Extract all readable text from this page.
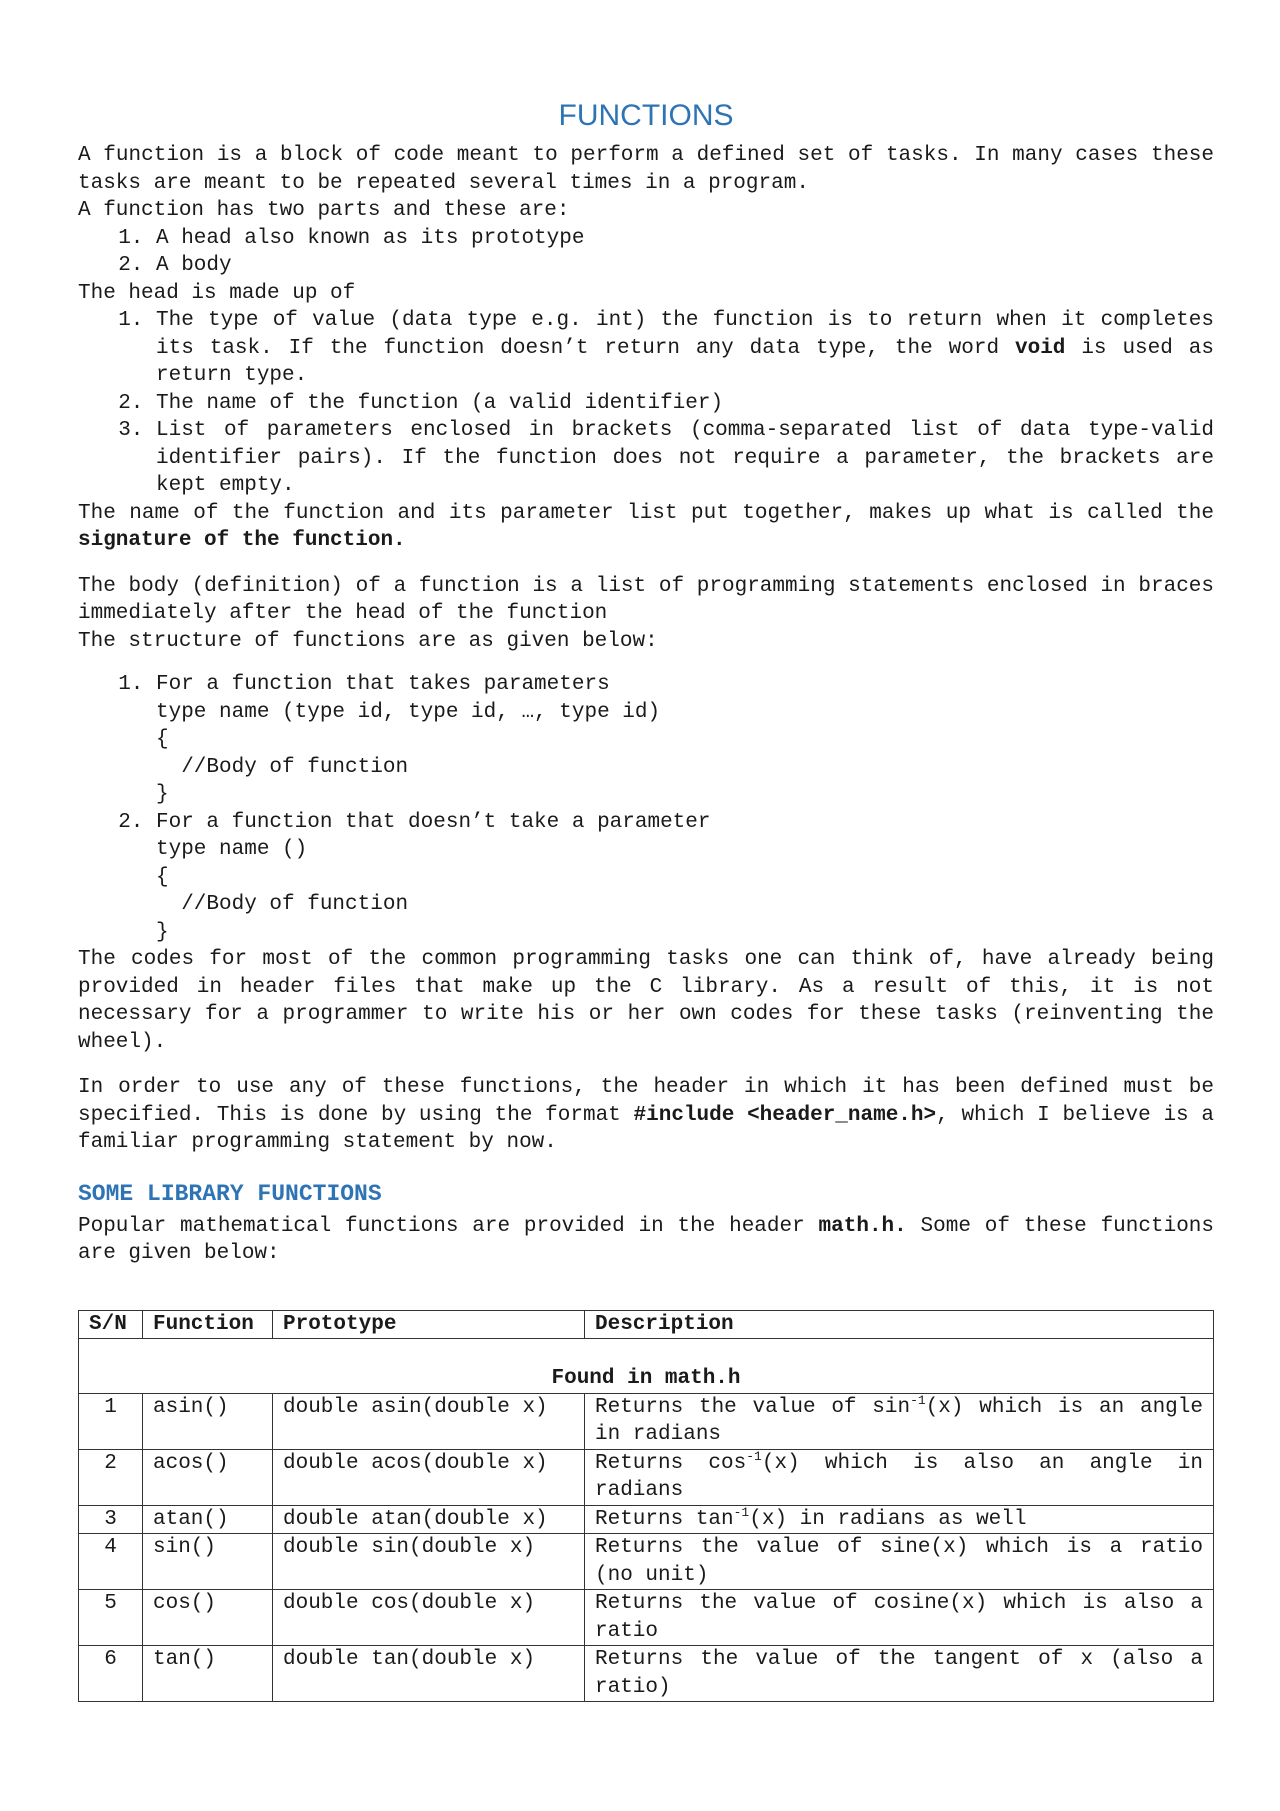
FUNCTIONS

A function is a block of code meant to perform a defined set of tasks. In many cases these tasks are meant to be repeated several times in a program.

A function has two parts and these are:

1. A head also known as its prototype
2. A body

The head is made up of

1. The type of value (data type e.g. int) the function is to return when it completes its task. If the function doesn’t return any data type, the word void is used as return type.
2. The name of the function (a valid identifier)
3. List of parameters enclosed in brackets (comma-separated list of data type-valid identifier pairs). If the function does not require a parameter, the brackets are kept empty.

The name of the function and its parameter list put together, makes up what is called the signature of the function.

The body (definition) of a function is a list of programming statements enclosed in braces immediately after the head of the function

The structure of functions are as given below:

1. For a function that takes parameters
type name (type id, type id, …, type id)
{
//Body of function
}
2. For a function that doesn’t take a parameter
type name ()
{
//Body of function
}

The codes for most of the common programming tasks one can think of, have already being provided in header files that make up the C library. As a result of this, it is not necessary for a programmer to write his or her own codes for these tasks (reinventing the wheel).

In order to use any of these functions, the header in which it has been defined must be specified. This is done by using the format #include <header_name.h>, which I believe is a familiar programming statement by now.

SOME LIBRARY FUNCTIONS

Popular mathematical functions are provided in the header math.h. Some of these functions are given below:

S/N	Function	Prototype	Description
Found in math.h			
1	asin()	double asin(double x)	Returns the value of $\sin^{-1}(x)$ which is an angle in radians
2	acos()	double acos(double x)	Returns $\cos^{-1}(x)$ which is also an angle in radians
3	atan()	double atan(double x)	Returns $\tan^{-1}(x)$ in radians as well
4	sin()	double sin(double x)	Returns the value of sine(x) which is a ratio (no unit)
5	cos()	double cos(double x)	Returns the value of cosine(x) which is also a ratio
6	tan()	double tan(double x)	Returns the value of the tangent of x (also a ratio)
